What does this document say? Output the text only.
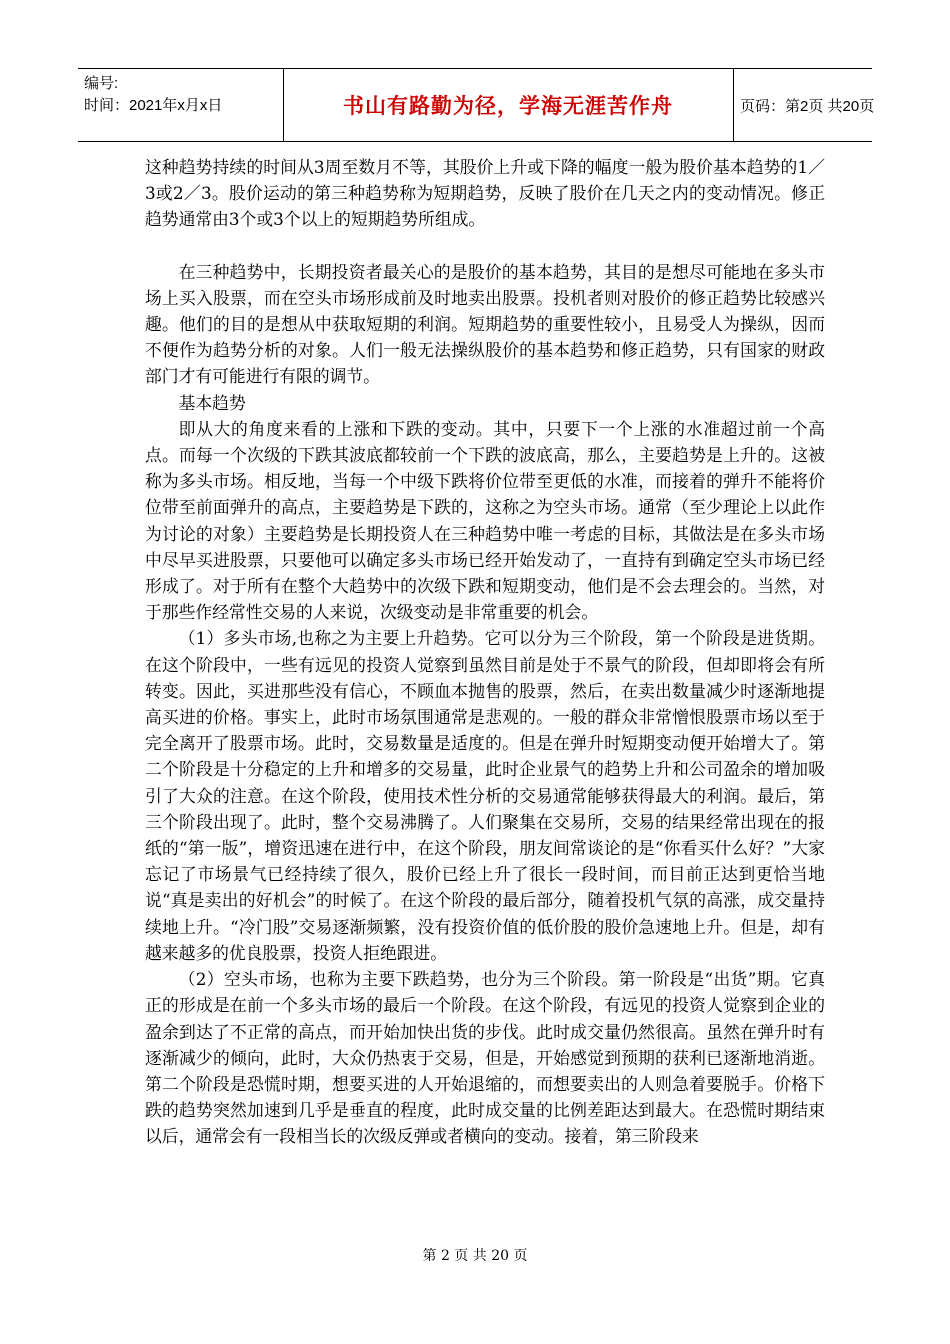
编号:
时间：2021年x月x日	书山有路勤为径，学海无涯苦作舟	页码：第2页 共20页

这种趋势持续的时间从3周至数月不等，其股价上升或下降的幅度一般为股价基本趋势的1／3或2／3。股价运动的第三种趋势称为短期趋势，反映了股价在几天之内的变动情况。修正趋势通常由3个或3个以上的短期趋势所组成。

在三种趋势中，长期投资者最关心的是股价的基本趋势，其目的是想尽可能地在多头市场上买入股票，而在空头市场形成前及时地卖出股票。投机者则对股价的修正趋势比较感兴趣。他们的目的是想从中获取短期的利润。短期趋势的重要性较小，且易受人为操纵，因而不便作为趋势分析的对象。人们一般无法操纵股价的基本趋势和修正趋势，只有国家的财政部门才有可能进行有限的调节。

基本趋势

即从大的角度来看的上涨和下跌的变动。其中，只要下一个上涨的水准超过前一个高点。而每一个次级的下跌其波底都较前一个下跌的波底高，那么，主要趋势是上升的。这被称为多头市场。相反地，当每一个中级下跌将价位带至更低的水准，而接着的弹升不能将价位带至前面弹升的高点，主要趋势是下跌的，这称之为空头市场。通常（至少理论上以此作为讨论的对象）主要趋势是长期投资人在三种趋势中唯一考虑的目标，其做法是在多头市场中尽早买进股票，只要他可以确定多头市场已经开始发动了，一直持有到确定空头市场已经形成了。对于所有在整个大趋势中的次级下跌和短期变动，他们是不会去理会的。当然，对于那些作经常性交易的人来说，次级变动是非常重要的机会。

（1）多头市场,也称之为主要上升趋势。它可以分为三个阶段，第一个阶段是进货期。在这个阶段中，一些有远见的投资人觉察到虽然目前是处于不景气的阶段，但却即将会有所转变。因此，买进那些没有信心，不顾血本抛售的股票，然后，在卖出数量减少时逐渐地提高买进的价格。事实上，此时市场氛围通常是悲观的。一般的群众非常憎恨股票市场以至于完全离开了股票市场。此时，交易数量是适度的。但是在弹升时短期变动便开始增大了。第二个阶段是十分稳定的上升和增多的交易量，此时企业景气的趋势上升和公司盈余的增加吸引了大众的注意。在这个阶段，使用技术性分析的交易通常能够获得最大的利润。最后，第三个阶段出现了。此时，整个交易沸腾了。人们聚集在交易所，交易的结果经常出现在的报纸的“第一版”，增资迅速在进行中，在这个阶段，朋友间常谈论的是“你看买什么好？”大家忘记了市场景气已经持续了很久，股价已经上升了很长一段时间，而目前正达到更恰当地说“真是卖出的好机会”的时候了。在这个阶段的最后部分，随着投机气氛的高涨，成交量持续地上升。“冷门股”交易逐渐频繁，没有投资价值的低价股的股价急速地上升。但是，却有越来越多的优良股票，投资人拒绝跟进。

（2）空头市场，也称为主要下跌趋势，也分为三个阶段。第一阶段是“出货”期。它真正的形成是在前一个多头市场的最后一个阶段。在这个阶段，有远见的投资人觉察到企业的盈余到达了不正常的高点，而开始加快出货的步伐。此时成交量仍然很高。虽然在弹升时有逐渐减少的倾向，此时，大众仍热衷于交易，但是，开始感觉到预期的获利已逐渐地消逝。第二个阶段是恐慌时期，想要买进的人开始退缩的，而想要卖出的人则急着要脱手。价格下跌的趋势突然加速到几乎是垂直的程度，此时成交量的比例差距达到最大。在恐慌时期结束以后，通常会有一段相当长的次级反弹或者横向的变动。接着，第三阶段来

第 2 页 共 20 页
